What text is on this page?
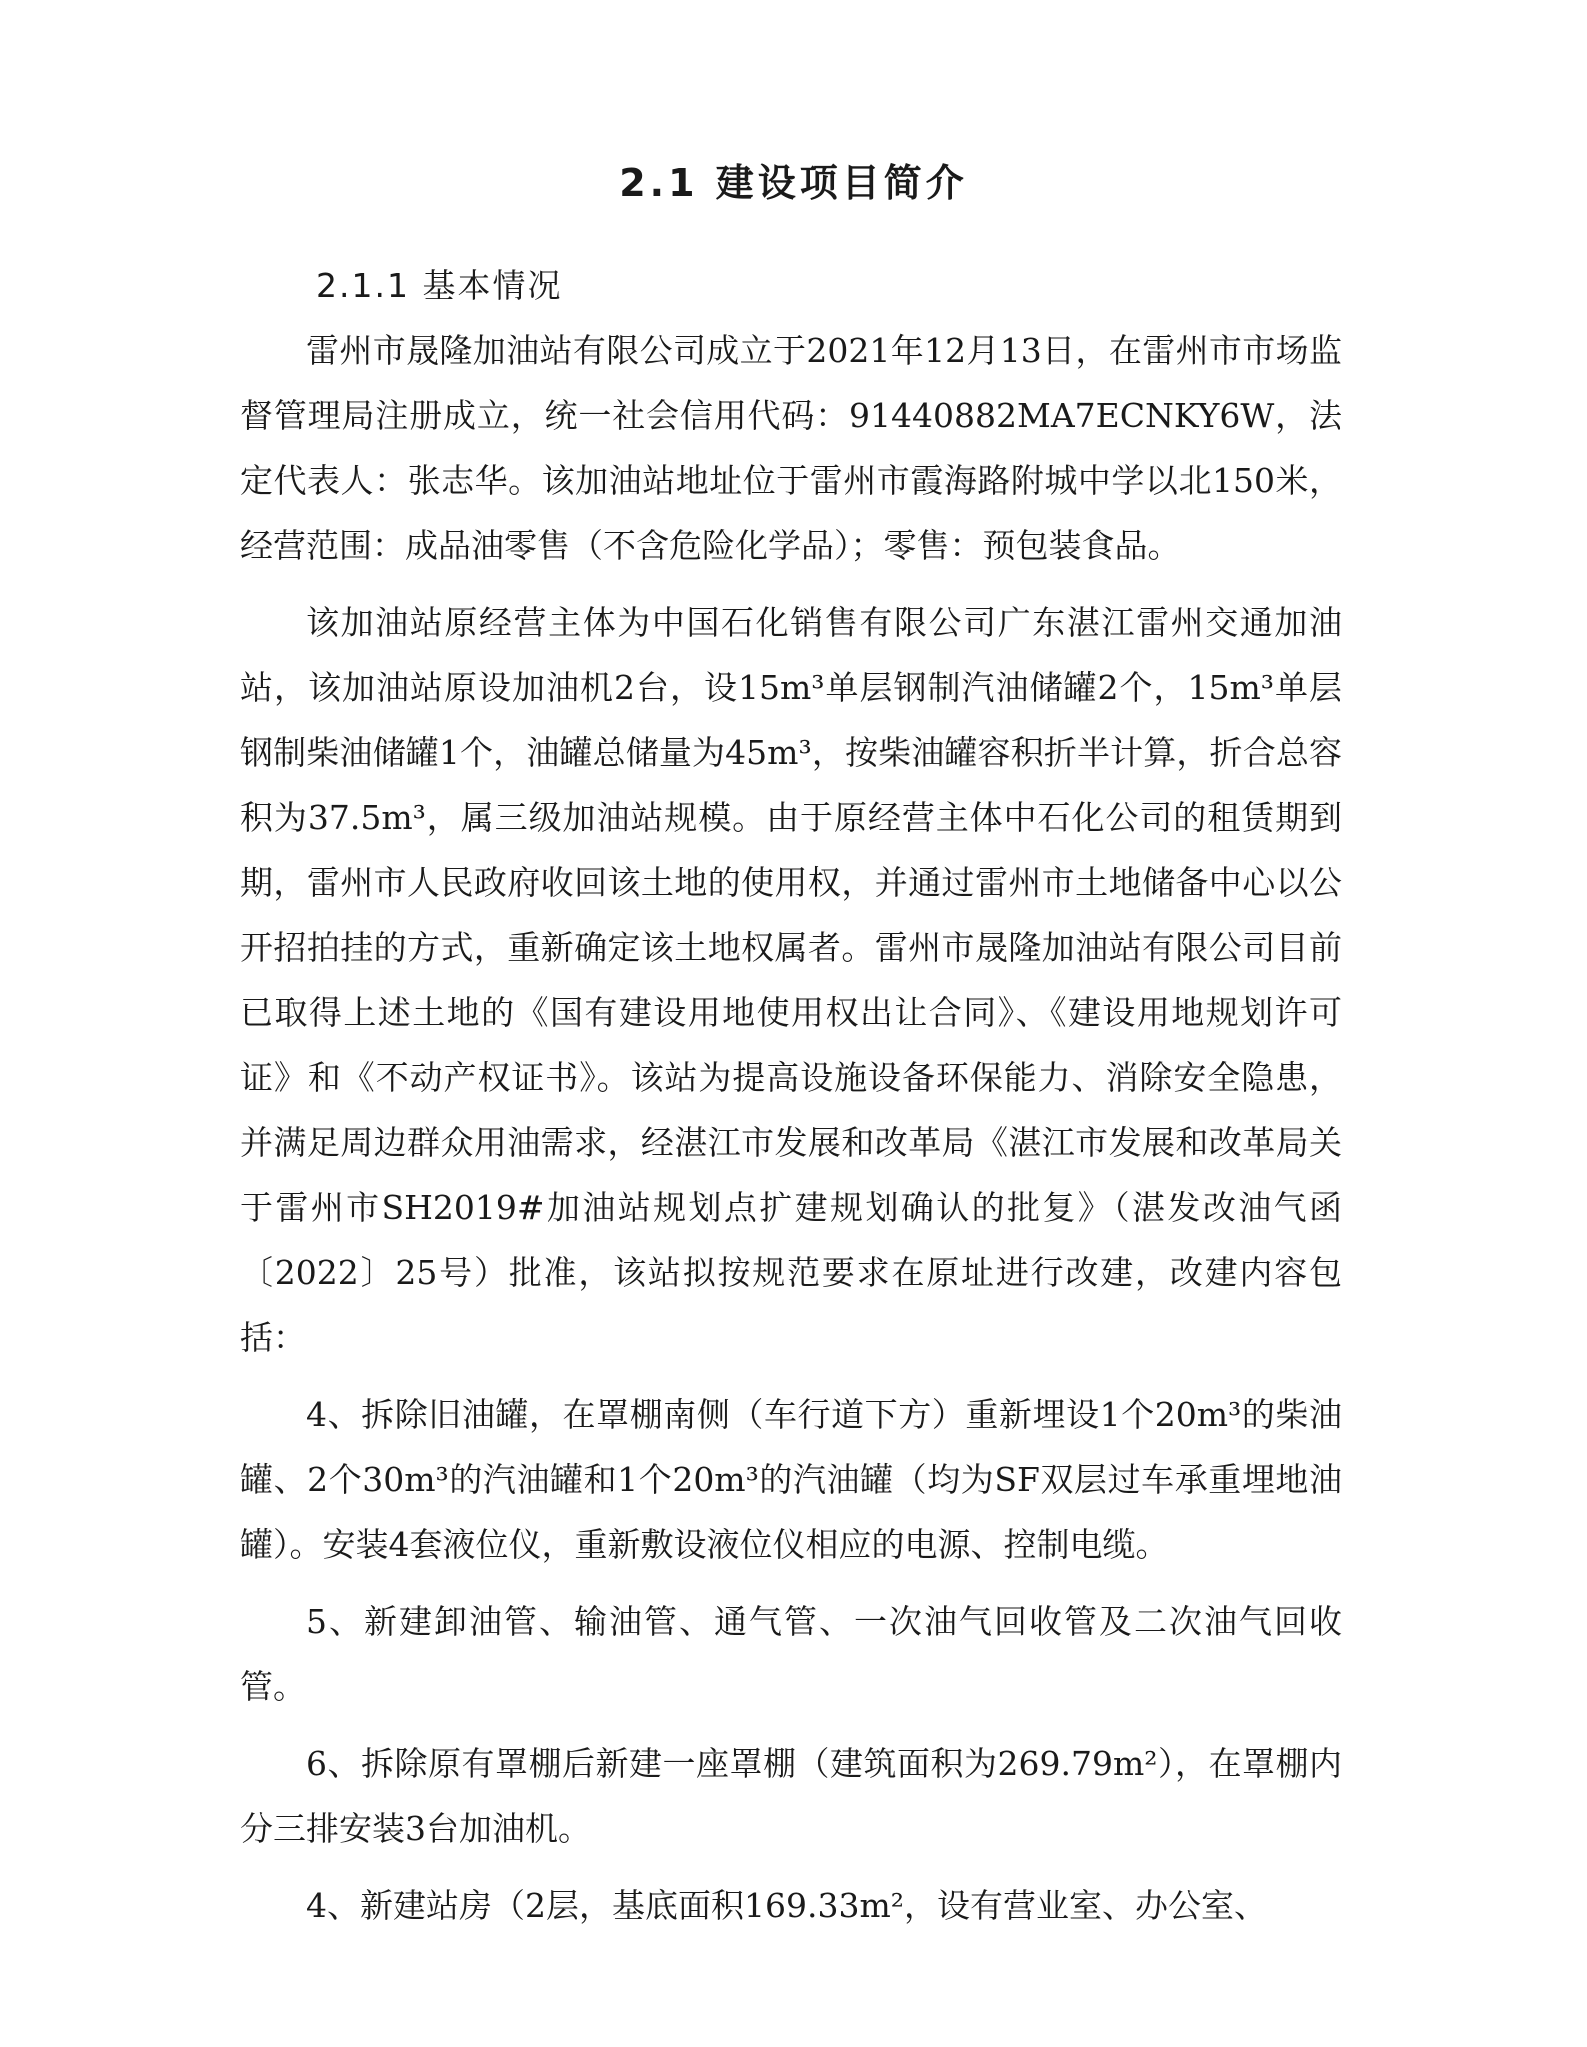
2.1 建设项目简介
2.1.1 基本情况

雷州市晟隆加油站有限公司成立于2021年12月13日，在雷州市市场监督管理局注册成立，统一社会信用代码：91440882MA7ECNKY6W，法定代表人：张志华。该加油站地址位于雷州市霞海路附城中学以北150米，经营范围：成品油零售（不含危险化学品）；零售：预包装食品。

该加油站原经营主体为中国石化销售有限公司广东湛江雷州交通加油站，该加油站原设加油机2台，设15m³单层钢制汽油储罐2个，15m³单层钢制柴油储罐1个，油罐总储量为45m³，按柴油罐容积折半计算，折合总容积为37.5m³，属三级加油站规模。由于原经营主体中石化公司的租赁期到期，雷州市人民政府收回该土地的使用权，并通过雷州市土地储备中心以公开招拍挂的方式，重新确定该土地权属者。雷州市晟隆加油站有限公司目前已取得上述土地的《国有建设用地使用权出让合同》、《建设用地规划许可证》和《不动产权证书》。该站为提高设施设备环保能力、消除安全隐患，并满足周边群众用油需求，经湛江市发展和改革局《湛江市发展和改革局关于雷州市SH2019#加油站规划点扩建规划确认的批复》（湛发改油气函〔2022〕25号）批准，该站拟按规范要求在原址进行改建，改建内容包括：

4、拆除旧油罐，在罩棚南侧（车行道下方）重新埋设1个20m³的柴油罐、2个30m³的汽油罐和1个20m³的汽油罐（均为SF双层过车承重埋地油罐）。安装4套液位仪，重新敷设液位仪相应的电源、控制电缆。

5、新建卸油管、输油管、通气管、一次油气回收管及二次油气回收管。

6、拆除原有罩棚后新建一座罩棚（建筑面积为269.79m²），在罩棚内分三排安装3台加油机。

4、新建站房（2层，基底面积169.33m²，设有营业室、办公室、
